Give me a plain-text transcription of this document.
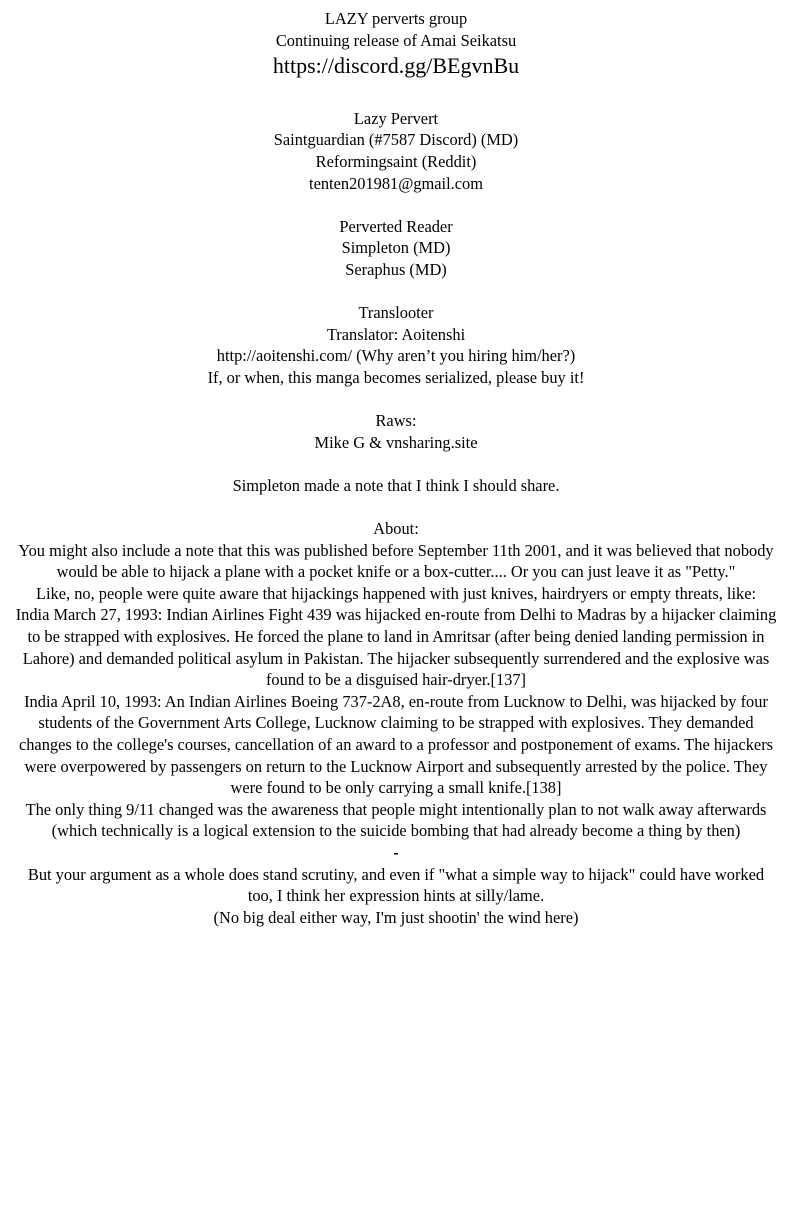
LAZY perverts group
Continuing release of Amai Seikatsu
https://discord.gg/BEgvnBu
Lazy Pervert
Saintguardian (#7587 Discord) (MD)
Reformingsaint (Reddit)
tenten201981@gmail.com
Perverted Reader
Simpleton (MD)
Seraphus (MD)
Translooter
Translator: Aoitenshi
http://aoitenshi.com/ (Why aren’t you hiring him/her?)
If, or when, this manga becomes serialized, please buy it!
Raws:
Mike G & vnsharing.site
Simpleton made a note that I think I should share.
About:
You might also include a note that this was published before September 11th 2001, and it was believed that nobody would be able to hijack a plane with a pocket knife or a box-cutter.... Or you can just leave it as "Petty."
Like, no, people were quite aware that hijackings happened with just knives, hairdryers or empty threats, like:
India March 27, 1993: Indian Airlines Fight 439 was hijacked en-route from Delhi to Madras by a hijacker claiming to be strapped with explosives. He forced the plane to land in Amritsar (after being denied landing permission in Lahore) and demanded political asylum in Pakistan. The hijacker subsequently surrendered and the explosive was found to be a disguised hair-dryer.[137]
India April 10, 1993: An Indian Airlines Boeing 737-2A8, en-route from Lucknow to Delhi, was hijacked by four students of the Government Arts College, Lucknow claiming to be strapped with explosives. They demanded changes to the college's courses, cancellation of an award to a professor and postponement of exams. The hijackers were overpowered by passengers on return to the Lucknow Airport and subsequently arrested by the police. They were found to be only carrying a small knife.[138]
The only thing 9/11 changed was the awareness that people might intentionally plan to not walk away afterwards (which technically is a logical extension to the suicide bombing that had already become a thing by then)
-
But your argument as a whole does stand scrutiny, and even if "what a simple way to hijack" could have worked too, I think her expression hints at silly/lame.
(No big deal either way, I'm just shootin' the wind here)
